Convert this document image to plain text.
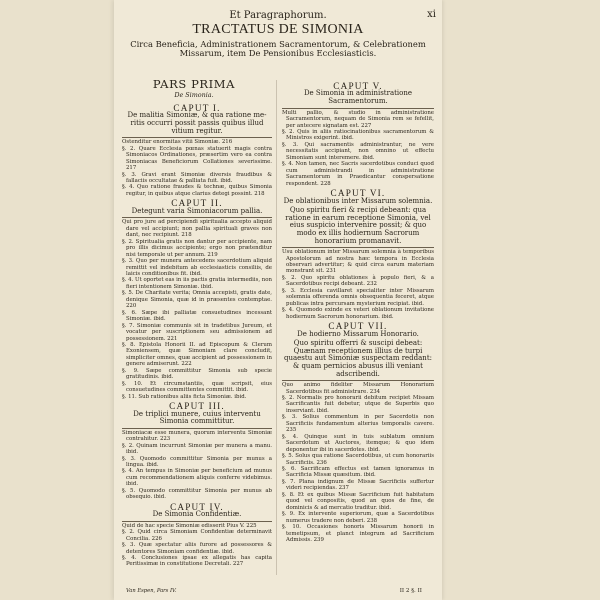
Et Paragraphorum.	xi
TRACTATUS DE SIMONIA
Circa Beneficia, Administrationem Sacramentorum, & Celebrationem Missarum, item De Pensionibus Ecclesiasticis.
PARS PRIMA
De Simonia.
CAPUT I.
De malitia Simoniæ, & qua ratione me- ritis occurri possit passis quibus illud vitium regitur.

Ostenditur enormitas vitii Simoniæ. 216

§. 2. Quare Ecclesia pœnas statuerit magis contra Simoniacos Ordinationes, præsertim vero ea contra Simoniacas Beneficiorum Collationes severissime. 217

§. 3. Gravi erant Simoniæ diversis fraudibus & fallaciis occultatae & palliata fuit. ibid.

§. 4. Quo ratione fraudes & technæ, quibus Simonia regitur, in quibus atque clarius detegi possint. 218

CAPUT II.
Detegunt varia Simoniacorum pallia.

Qui pro jure ad percipiendi spiritualia accepto aliquid dare vel accipiunt; non pallia spirituali graves non dant, nec recipiunt. 218

§. 2. Spiritualia gratis non dantur per accipiente, nam pro illis dicimus accipiente; ergo non prætenditur nisi temporale ut per annum. 219

§. 3. Quo per munera antecedens sacerdotium aliquid remittit vel indebitum ab ecclesiasticis consiliis, de laicis conditionibus fit. ibid.

§. 4. Ut oportet eas in iis pactis gratia intermediis, non fieri intentionem Simoniæ. ibid.

§. 5. De Charitate verita; Omnia accepisti, gratis date, denique Simonia, quæ id in præsentes contemptae. 220

§. 6. Sæpe ibi palliatæ consuetudines incessant Simoniæ. ibid.

§. 7. Simoniæ communis sit in tradetibus Jureum, et vocatur per suscriptionem seu admissionem ad possessionem. 221

§. 8. Epistola Honorii II. ad Episcopum & Clerum Exoniensem, quæ Simoniam clare concludit, simpliciter omnes, quæ accipient ad possessionem in genere admiserunt. 222

§. 9. Sæpe committitur Simonia sub specie gratitudinis. ibid.

§. 10. Et circumstantiis, quæ scripsit, eius consuetudines committentes committit. ibid.

§. 11. Sub rationibus aliis ficta Simoniæ. ibid.

CAPUT III.
De triplici munere, cuius interventu Simonia committitur.

Simoniacæ esse munera, quorum interventu Simoniæ contrahitur. 223

§. 2. Quinam incurrunt Simoniæ per munera a manu. ibid.

§. 3. Quomodo committitur Simonia per munus a lingua. ibid.

§. 4. An tempus in Simoniæ per beneficium ad munus cum recommendationem aliquis conferre videbimus. ibid.

§. 5. Quomodo committitur Simonia per munus ab obsequio. ibid.

CAPUT IV.
De Simonia Confidentiæ.

Quid de hac specie Simoniæ edisserit Pius V. 225

§. 2. Quid circa Simoniam Confidentiæ determinavit Concilia. 226

§. 3. Quæ spectatur aliis furore ad possessores & detentores Simoniam confidentiæ. ibid.

§. 4. Conclusiones ipsae ex allegatis has capita Peritissimæ in constitutione Decretali. 227

CAPUT V.
De Simonia in administratione Sacramentorum.

Multi pallio, & studio in administratione Sacramentorum, nequam de Simonia rem se fefellit, per antecere signatam est. 227

§. 2. Quis in aliis ratiocinationibus sacramentorum & Ministros exigerint. ibid.

§. 3. Qui sacramentis administrantur, ne vere necessitatis accipiant, non omnino ut effectu Simoniam sunt interemere. ibid.

§. 4. Non tamen, nec Sacris sacerdotibus conduci quod cum administrandi in administratione Sacramentorum in Praedicantur conspersatione respondent. 228

CAPUT VI.
De oblationibus inter Missarum solemnia.
Quo spiritu fieri & recipi debeant: qua ratione in earum receptione Simonia, vel eius suspicio intervenire possit; & quo modo ex illis hodiernum Sacrorum honorarium promanavit.

Usu oblationum inter Missarum solemnia à temporibus Apostolorum ad nostra hæc tempora in Ecclesia observari advertitur; & quid circa earum materiam monstrant sit. 231

§. 2. Quo spiritu oblationes à populo fieri, & a Sacerdotibus recipi debeant. 232

§. 3. Ecclesia cavillaret specialiter inter Missarum solemnia offerenda omnis obsequentia feceret, atque publicas intra percursam mysterium recipiat. ibid.

§. 4. Quomodo exinde ex veteri oblationum invitatione hodiernum Sacrorum honorarium. ibid.

CAPUT VII.
De hodierno Missarum Honorario.
Quo spiritu offerri & suscipi debeat: Quænam receptionem illius de turpi quaestu aut Simoniæ suspectam reddant: & quam pernicios abusus illi veniant adscribendi.

Quo animo fideliter Missarum Honorarium Sacerdotibus fit administrare. 234

§. 2. Normalis pro honorarii debitum recipiet Missam Sacrificantis fuit debetur, utque de Superbis quo inserviant. ibid.

§. 3. Solius commentum in per Sacerdotis non Sacrificiis fundamentum alterius temporalis cavere. 235

§. 4. Quinque sunt in tuis sublatum omnium Sacerdotum ut Auctores, itemque; & quo idem deponentur ibi in sacerdotes. ibid.

§. 5. Solus qua ratione Sacerdotibus, ut cum honorariis Sacrificiis. 236

§. 6. Sacrificam effectus est tamen ignoramus in Sacrificia Missæ quæsitum. ibid.

§. 7. Plana indignum de Missæ Sacrificiis suffertur videri recipiendas. 237

§. 8. Et ex quibus Missæ Sacrificium fuit habitatum quod vel conpositis, quod an quos de fine, de dominicis & ad mercatio traditur. ibid.

§. 9. Ex intervente superiorum, quæ a Sacerdotibus numerus tradere non deberi. 238

§. 10. Occasiones honoris Missarum honorii in temetipsum, et planct integrum ad Sacrificium Admissis. 239

Van Espen, Pars IV.	II 2 §. II
